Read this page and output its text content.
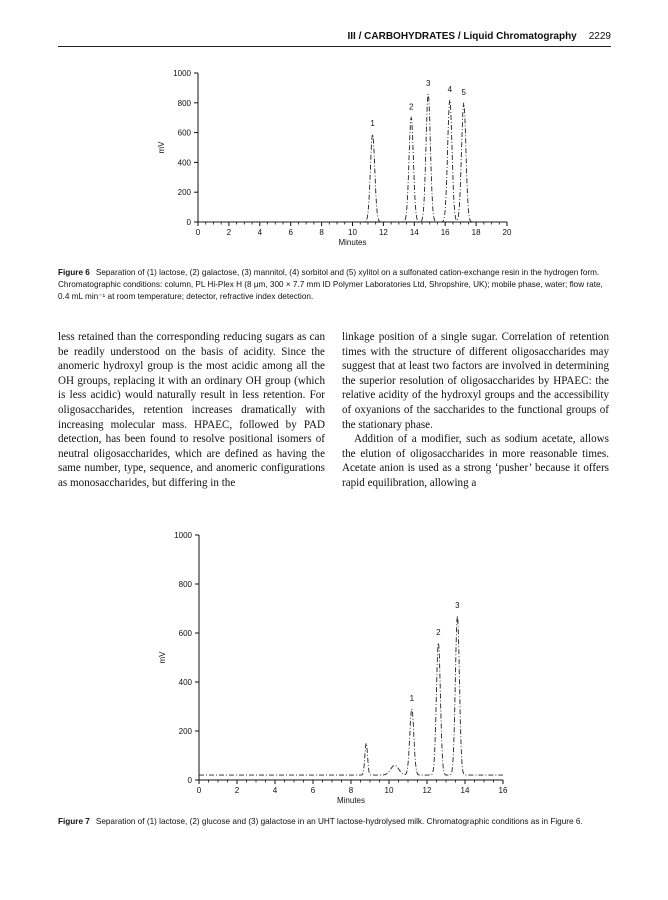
III / CARBOHYDRATES / Liquid Chromatography 2229
0
200
400
600
800
1000
0	2	4	6	8	10	12	14	16	18	20
Minutes
mV
1
2
3
4 5
Figure 6 Separation of (1) lactose, (2) galactose, (3) mannitol, (4) sorbitol and (5) xylitol on a sulfonated cation-exchange resin in the hydrogen form. Chromatographic conditions: column, PL Hi-Plex H (8 μm, 300 × 7.7 mm ID Polymer Laboratories Ltd, Shropshire, UK); mobile phase, water; flow rate, 0.4 mL min⁻¹ at room temperature; detector, refractive index detection.

less retained than the corresponding reducing sugars as can be readily understood on the basis of acidity. Since the anomeric hydroxyl group is the most acidic among all the OH groups, replacing it with an ordinary OH group (which is less acidic) would naturally result in less retention. For oligosaccharides, retention increases dramatically with increasing molecular mass. HPAEC, followed by PAD detection, has been found to resolve positional isomers of neutral oligosaccharides, which are defined as having the same number, type, sequence, and anomeric configurations as monosaccharides, but differing in the

linkage position of a single sugar. Correlation of retention times with the structure of different oligosaccharides may suggest that at least two factors are involved in determining the superior resolution of oligosaccharides by HPAEC: the relative acidity of the hydroxyl groups and the accessibility of oxyanions of the saccharides to the functional groups of the stationary phase.

Addition of a modifier, such as sodium acetate, allows the elution of oligosaccharides in more reasonable times. Acetate anion is used as a strong ‘pusher’ because it offers rapid equilibration, allowing a

0
200
400
600
800
1000
0	2	4	6	8	10	12	14	16
Minutes
mV
1
2
3
Figure 7 Separation of (1) lactose, (2) glucose and (3) galactose in an UHT lactose-hydrolysed milk. Chromatographic conditions as in Figure 6.
